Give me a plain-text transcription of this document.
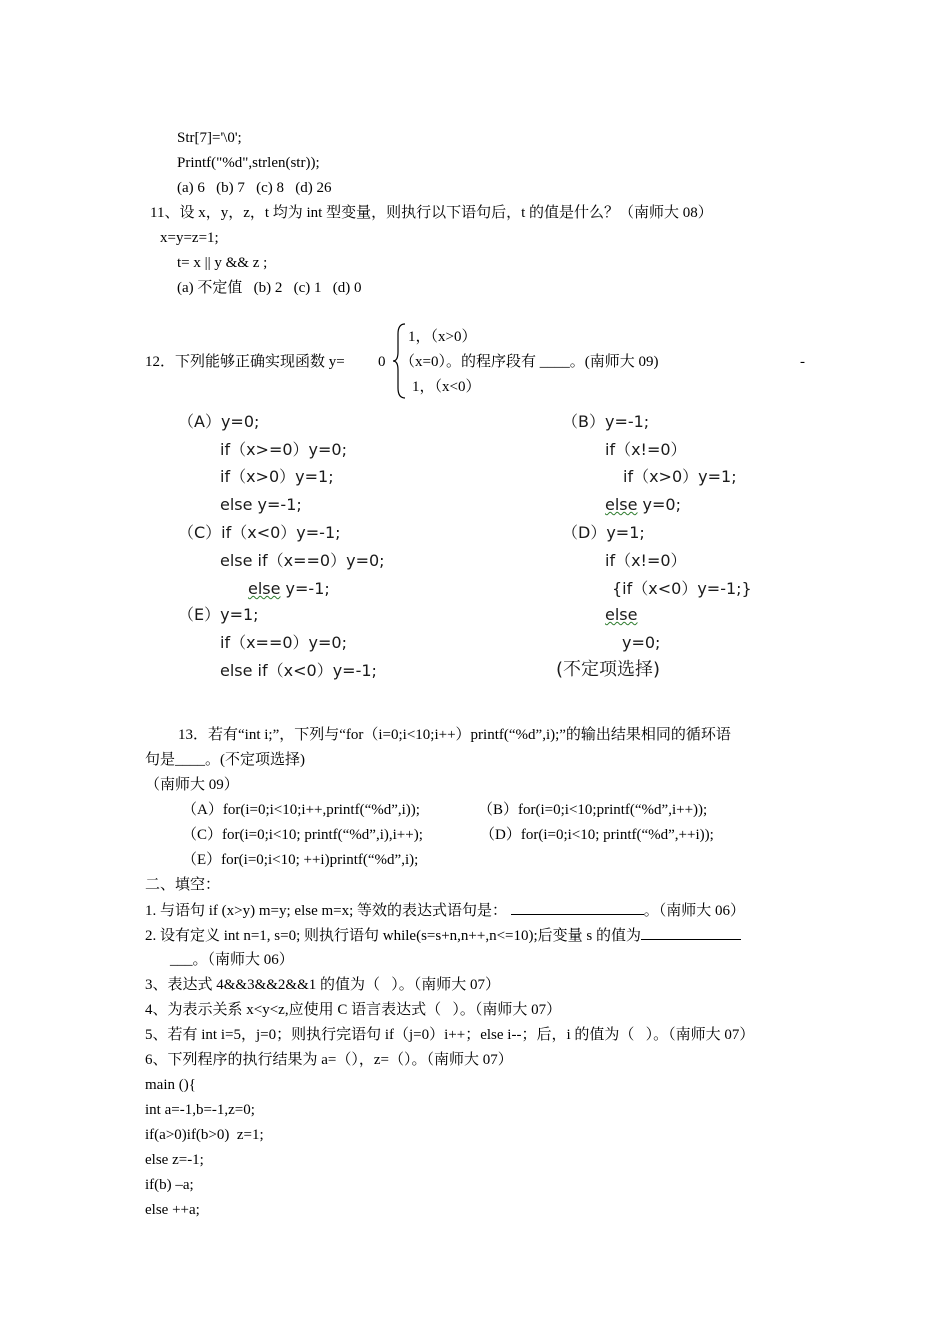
Str[7]='\0';
Printf("%d",strlen(str));
(a) 6   (b) 7   (c) 8   (d) 26
11、设 x，y，z，t 均为 int 型变量，则执行以下语句后，t 的值是什么？（南师大 08）
x=y=z=1;
t= x || y && z ;
(a) 不定值   (b) 2   (c) 1   (d) 0
12．下列能够正确实现函数 y= 0
1，（x>0）
（x=0）。的程序段有 ____。(南师大 09)
1，（x<0）
-
（A）y=0;
if（x>=0）y=0;
if（x>0）y=1;
else y=-1;
（C）if（x<0）y=-1;
else if（x==0）y=0;
else y=-1;
（E）y=1;
if（x==0）y=0;
else if（x<0）y=-1;
（B）y=-1;
if（x!=0）
if（x>0）y=1;
else y=0;
（D）y=1;
if（x!=0）
{if（x<0）y=-1;}
else
y=0;
(不定项选择)
13．若有“int i;”，下列与“for（i=0;i<10;i++）printf(“%d”,i);”的输出结果相同的循环语
句是____。(不定项选择)
（南师大 09）
（A）for(i=0;i<10;i++,printf(“%d”,i));	（B）for(i=0;i<10;printf(“%d”,i++));
（C）for(i=0;i<10; printf(“%d”,i),i++);	（D）for(i=0;i<10; printf(“%d”,++i));
（E）for(i=0;i<10; ++i)printf(“%d”,i);
二、填空：
1. 与语句 if (x>y) m=y; else m=x; 等效的表达式语句是：	。（南师大 06）
2. 设有定义 int n=1, s=0; 则执行语句 while(s=s+n,n++,n<=10);后变量 s 的值为
___。（南师大 06）
3、表达式 4&&3&&2&&1 的值为（   ）。（南师大 07）
4、为表示关系 x<y<z,应使用 C 语言表达式（   ）。（南师大 07）
5、若有 int i=5，j=0；则执行完语句 if（j=0）i++；else i--；后，i 的值为（   ）。（南师大 07）
6、下列程序的执行结果为 a=（），z=（）。（南师大 07）
main (){
int a=-1,b=-1,z=0;
if(a>0)if(b>0)  z=1;
else z=-1;
if(b) –a;
else ++a;
